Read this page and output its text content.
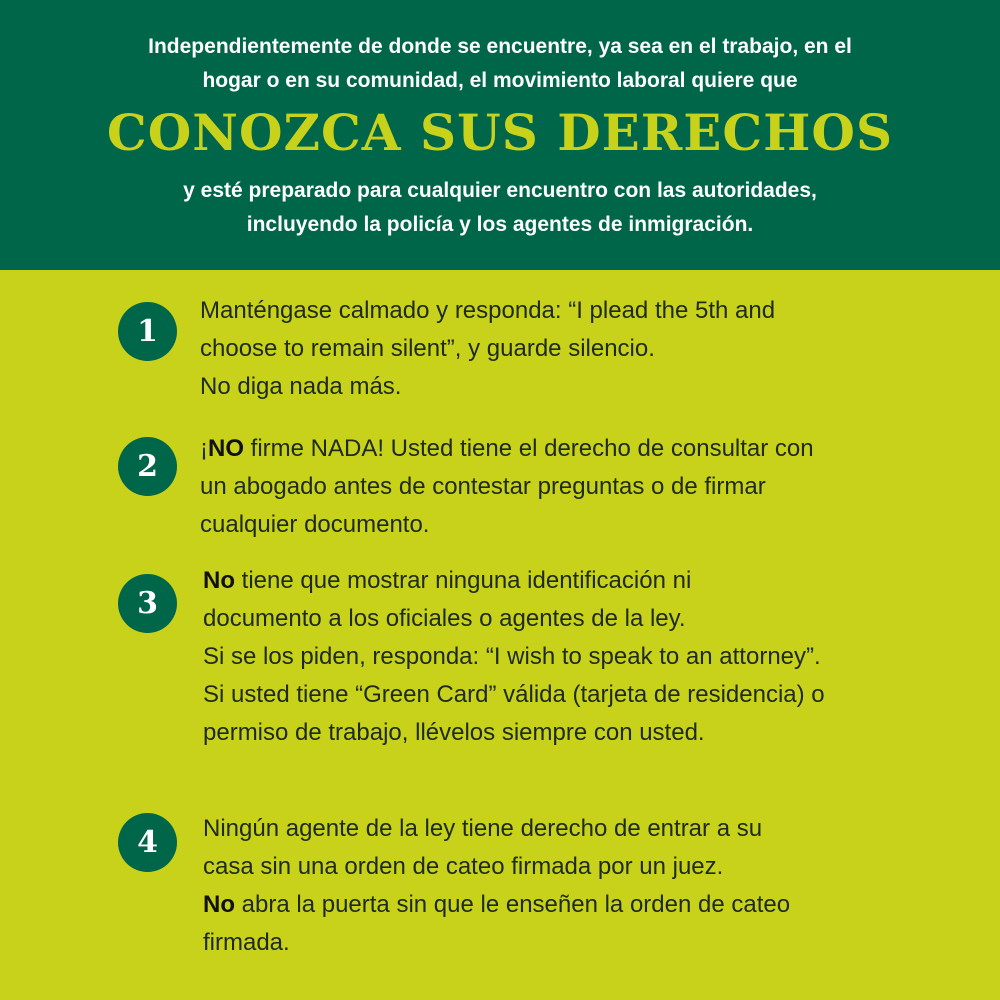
Independientemente de donde se encuentre, ya sea en el trabajo, en el
hogar o en su comunidad, el movimiento laboral quiere que
CONOZCA SUS DERECHOS
y esté preparado para cualquier encuentro con las autoridades,
incluyendo la policía y los agentes de inmigración.
1
Manténgase calmado y responda: “I plead the 5th and
choose to remain silent”, y guarde silencio.
No diga nada más.
2
¡NO firme NADA! Usted tiene el derecho de consultar con
un abogado antes de contestar preguntas o de firmar
cualquier documento.
3
No tiene que mostrar ninguna identificación ni
documento a los oficiales o agentes de la ley.
Si se los piden, responda: “I wish to speak to an attorney”.
Si usted tiene “Green Card” válida (tarjeta de residencia) o
permiso de trabajo, llévelos siempre con usted.
4	Ningún agente de la ley tiene derecho de entrar a su
casa sin una orden de cateo firmada por un juez.
No abra la puerta sin que le enseñen la orden de cateo
firmada.
